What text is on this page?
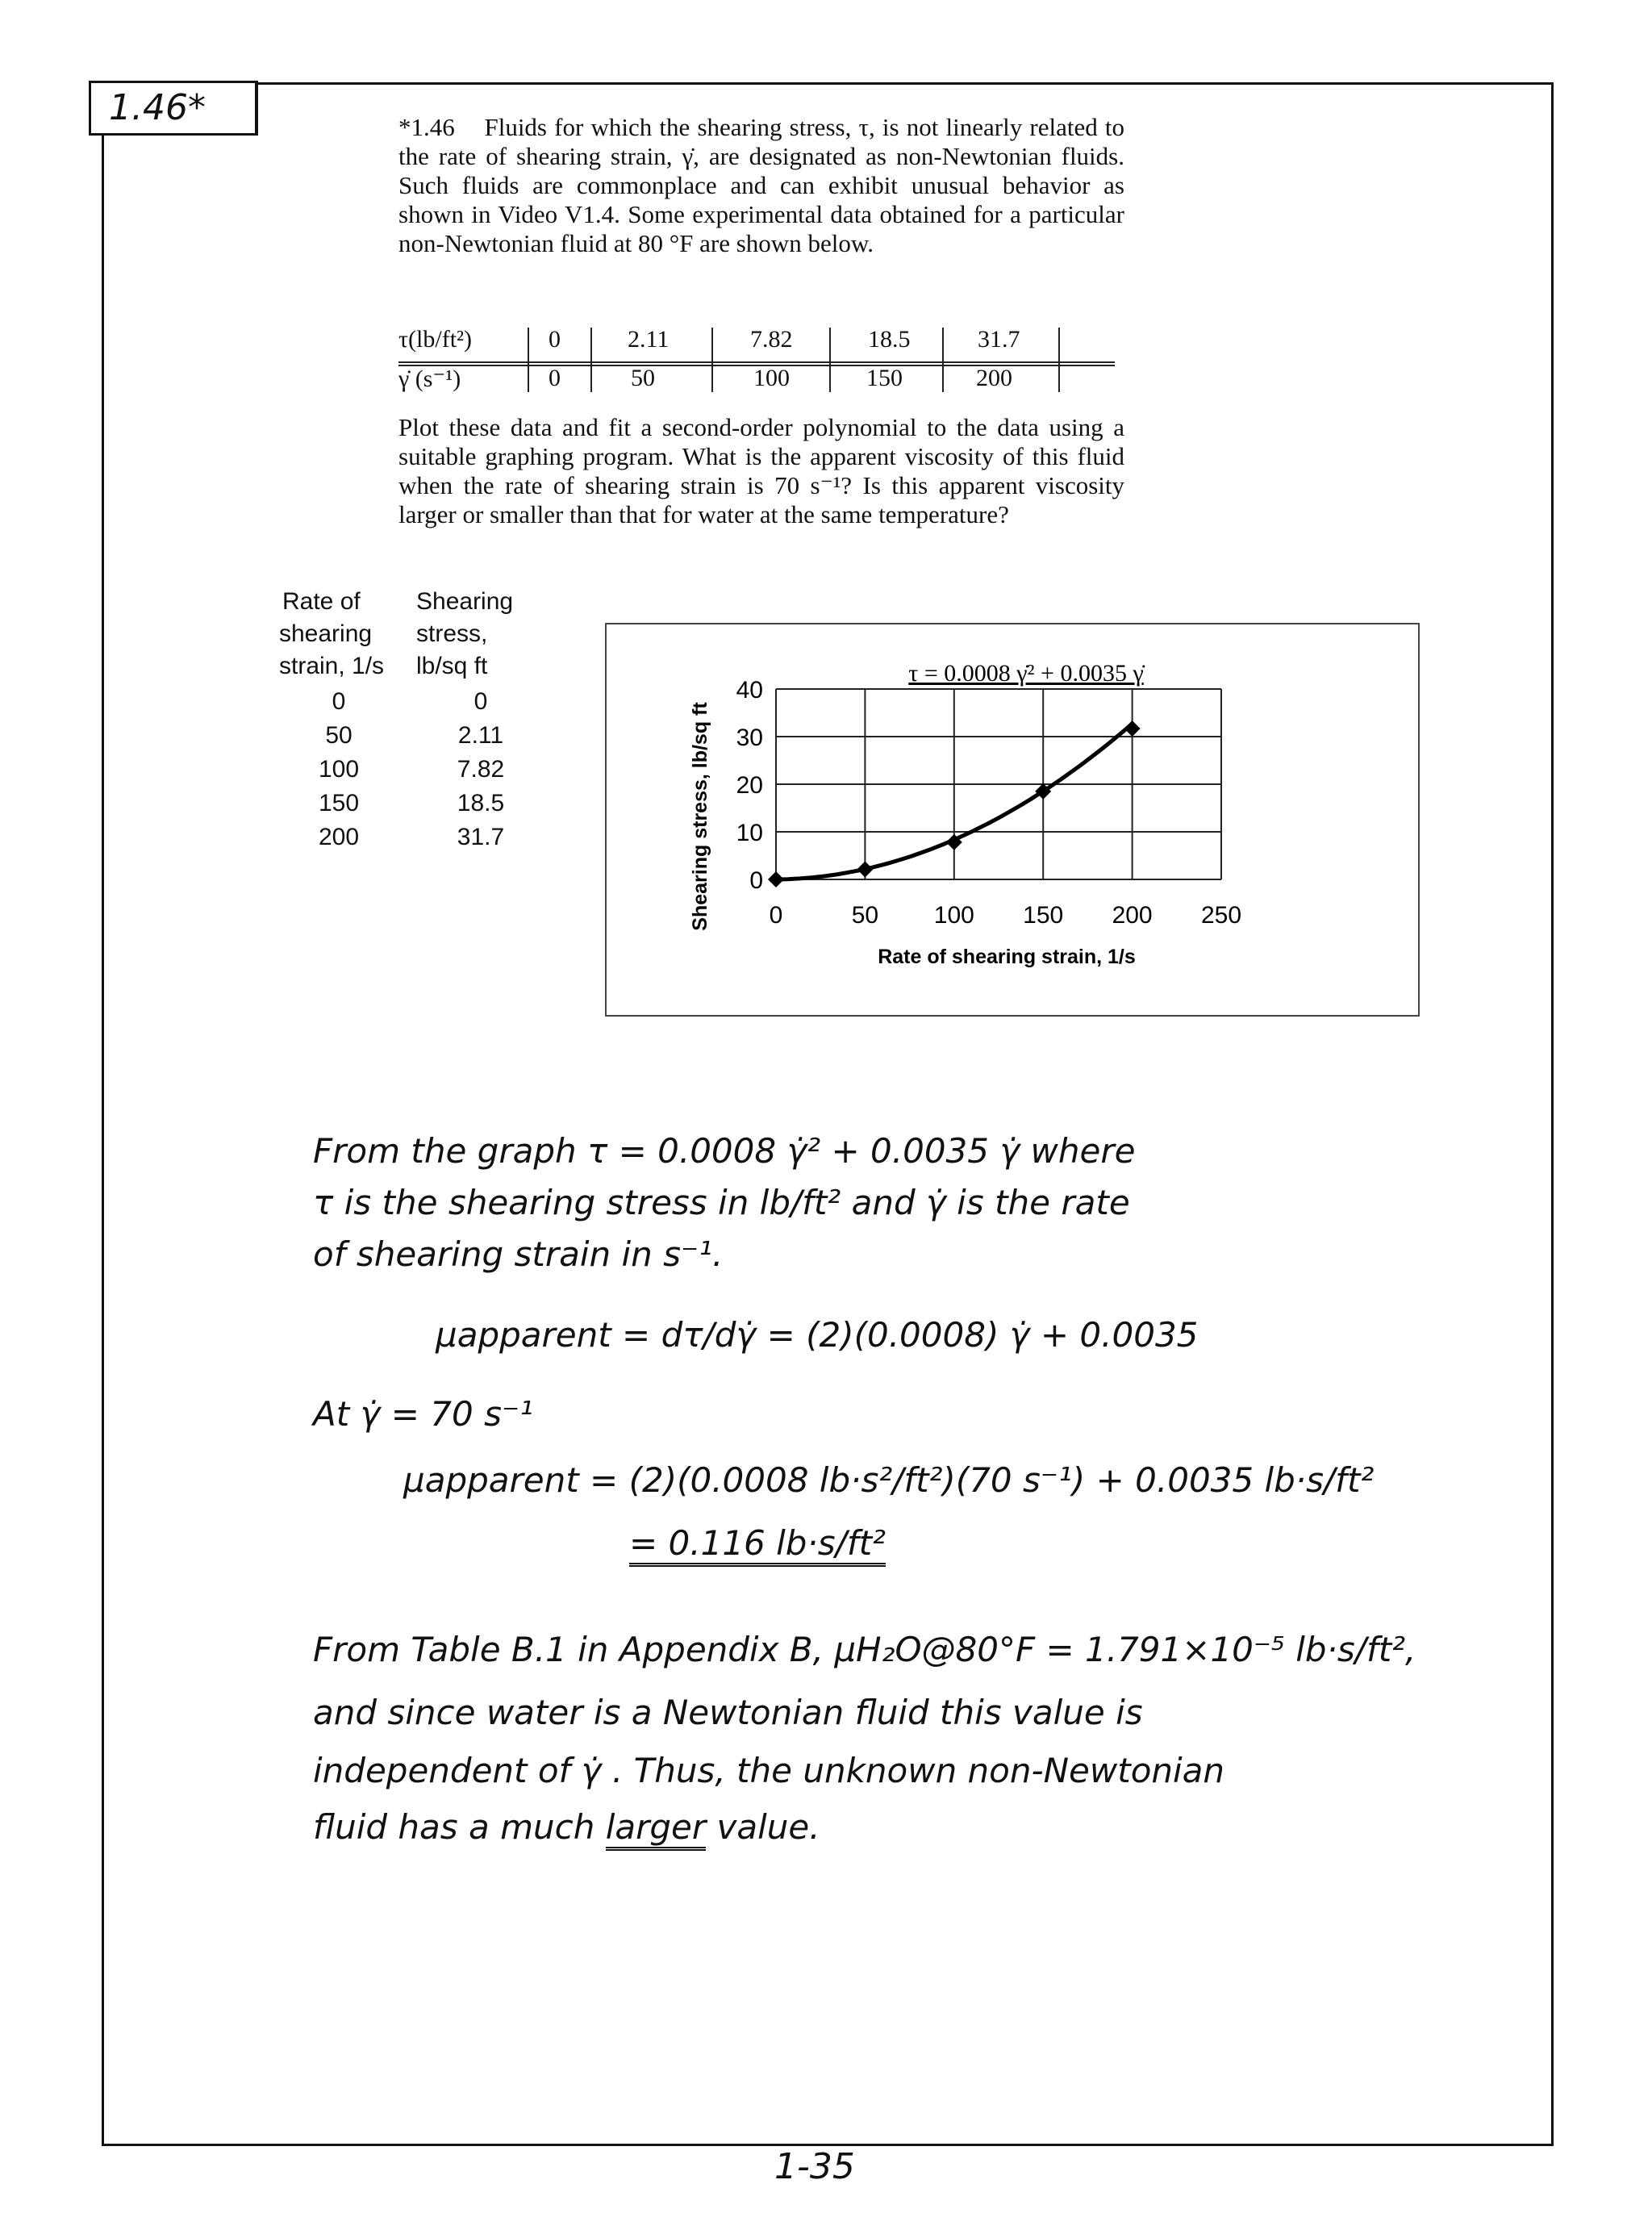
1.46*	*1.46 Fluids for which the shearing stress, τ, is not linearly related to the rate of shearing strain, γ̇, are designated as non-Newtonian fluids. Such fluids are commonplace and can exhibit unusual behavior as shown in Video V1.4. Some experimental data obtained for a particular non-Newtonian fluid at 80 °F are shown below.

τ(lb/ft²)	0	2.11	7.82	18.5	31.7
γ̇ (s⁻¹)	0	50	100	150	200
Plot these data and fit a second-order polynomial to the data using a suitable graphing program. What is the apparent viscosity of this fluid when the rate of shearing strain is 70 s⁻¹? Is this apparent viscosity larger or smaller than that for water at the same temperature?
Rate of
shearing
strain, 1/s
Shearing
stress,
lb/sq ft
0	0
50	2.11
100	7.82
150	18.5
200	31.7
0	50 100 150 200 250
0
10
20
30
40
Rate of shearing strain, 1/s
Shearing stress, lb/sq ft
τ = 0.0008 γ̇² + 0.0035 γ̇
From the graph τ = 0.0008 γ̇² + 0.0035 γ̇ where
τ is the shearing stress in lb/ft² and γ̇ is the rate
of shearing strain in s⁻¹.
μapparent = dτ/dγ̇ = (2)(0.0008) γ̇ + 0.0035
At γ̇ = 70 s⁻¹
μapparent = (2)(0.0008 lb·s²/ft²)(70 s⁻¹) + 0.0035 lb·s/ft²
= 0.116 lb·s/ft²
From Table B.1 in Appendix B, μH₂O@80°F = 1.791×10⁻⁵ lb·s/ft²,
and since water is a Newtonian fluid this value is
independent of γ̇ . Thus, the unknown non-Newtonian
fluid has a much larger value.
1-35
